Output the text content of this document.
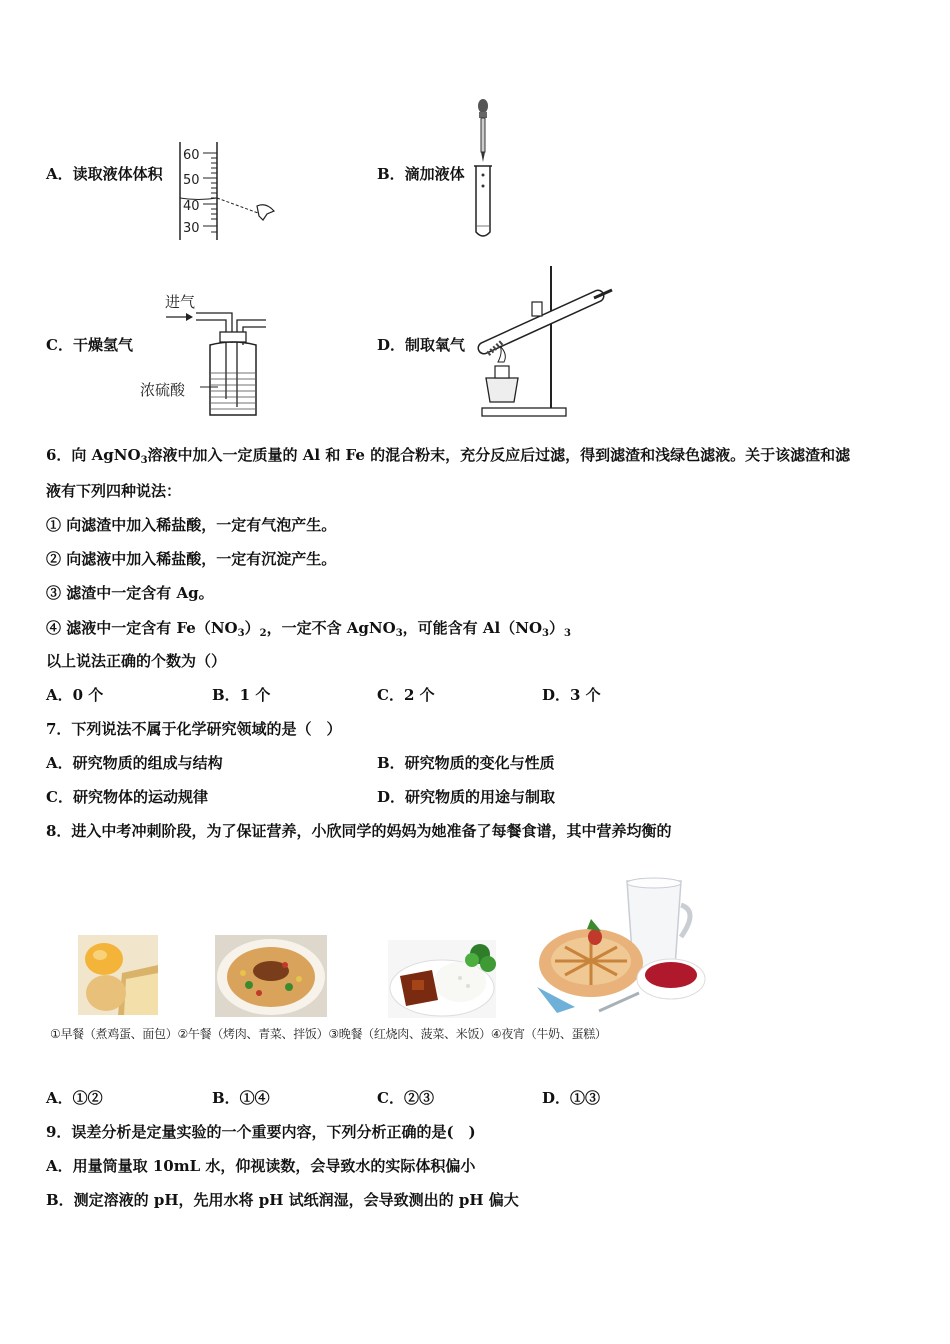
A．读取液体体积
60
50
40
30
B．滴加液体
C．干燥氢气
进气
浓硫酸
D．制取氧气
6．向 AgNO$_3$溶液中加入一定质量的 Al 和 Fe 的混合粉末，充分反应后过滤，得到滤渣和浅绿色滤液。关于该滤渣和滤
液有下列四种说法：
① 向滤渣中加入稀盐酸，一定有气泡产生。
② 向滤液中加入稀盐酸，一定有沉淀产生。
③ 滤渣中一定含有 Ag。
④ 滤液中一定含有 $Fe(NO_3)_2$，一定不含 AgNO$_3$，可能含有 $Al(NO_3)_3$
以上说法正确的个数为（）
A．0 个	B．1 个	C．2 个	D．3 个
7．下列说法不属于化学研究领域的是（　）
A．研究物质的组成与结构	B．研究物质的变化与性质
C．研究物体的运动规律	D．研究物质的用途与制取
8．进入中考冲刺阶段，为了保证营养，小欣同学的妈妈为她准备了每餐食谱，其中营养均衡的
①早餐（煮鸡蛋、面包）②午餐（烤肉、青菜、拌饭）③晚餐（红烧肉、菠菜、米饭）④夜宵（牛奶、蛋糕）
A．①②	B．①④	C．②③	D．①③
9．误差分析是定量实验的一个重要内容，下列分析正确的是(　)
A．用量筒量取 10mL 水，仰视读数，会导致水的实际体积偏小
B．测定溶液的 pH，先用水将 pH 试纸润湿，会导致测出的 pH 偏大
